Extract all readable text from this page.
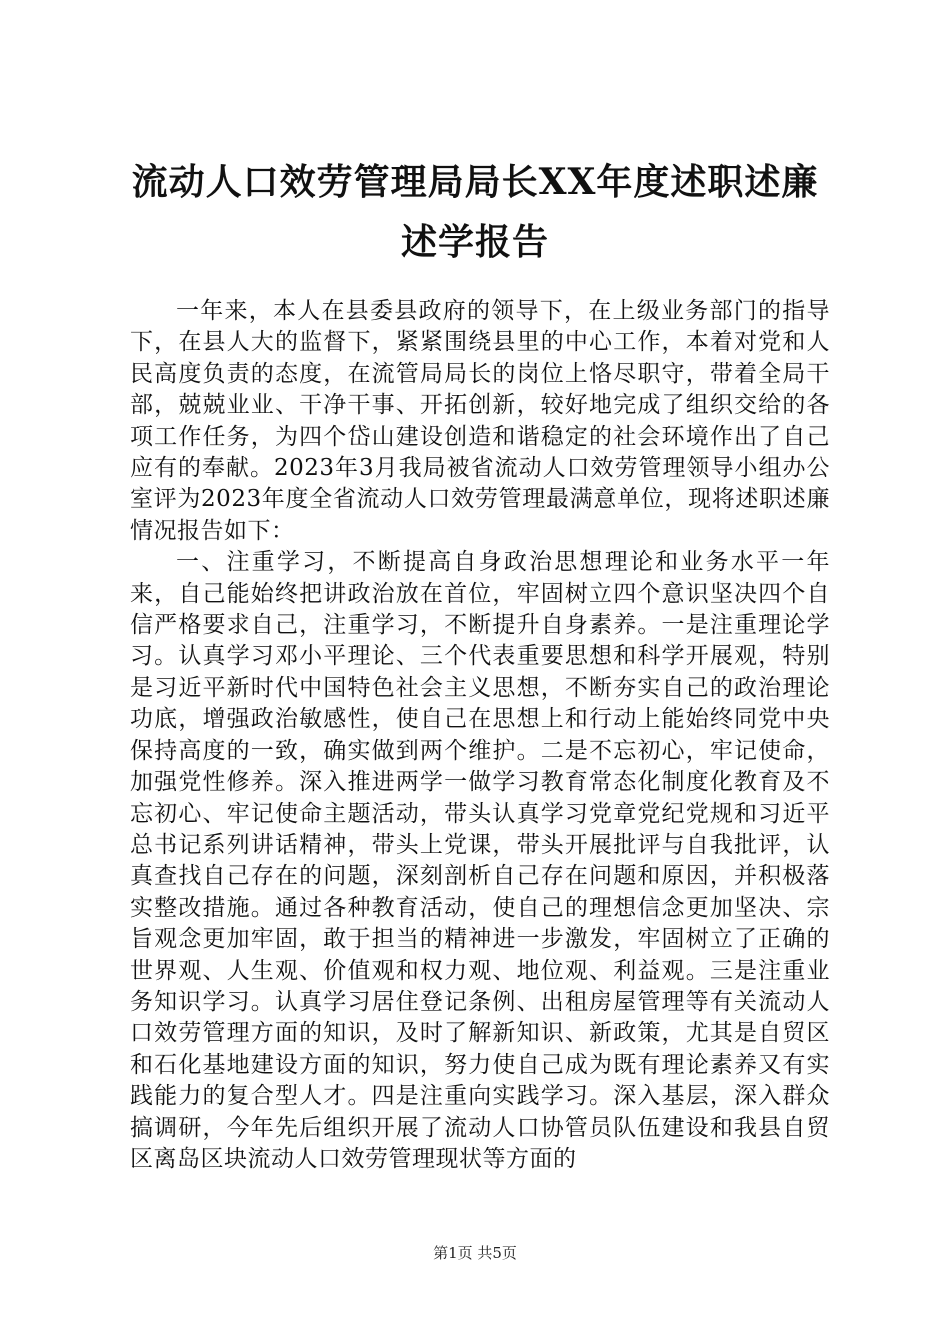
流动人口效劳管理局局长XX年度述职述廉述学报告

一年来，本人在县委县政府的领导下，在上级业务部门的指导下，在县人大的监督下，紧紧围绕县里的中心工作，本着对党和人民高度负责的态度，在流管局局长的岗位上恪尽职守，带着全局干部，兢兢业业、干净干事、开拓创新，较好地完成了组织交给的各项工作任务，为四个岱山建设创造和谐稳定的社会环境作出了自己应有的奉献。2023年3月我局被省流动人口效劳管理领导小组办公室评为2023年度全省流动人口效劳管理最满意单位，现将述职述廉情况报告如下：

一、注重学习，不断提高自身政治思想理论和业务水平一年来，自己能始终把讲政治放在首位，牢固树立四个意识坚决四个自信严格要求自己，注重学习，不断提升自身素养。一是注重理论学习。认真学习邓小平理论、三个代表重要思想和科学开展观，特别是习近平新时代中国特色社会主义思想，不断夯实自己的政治理论功底，增强政治敏感性，使自己在思想上和行动上能始终同党中央保持高度的一致，确实做到两个维护。二是不忘初心，牢记使命，加强党性修养。深入推进两学一做学习教育常态化制度化教育及不忘初心、牢记使命主题活动，带头认真学习党章党纪党规和习近平总书记系列讲话精神，带头上党课，带头开展批评与自我批评，认真查找自己存在的问题，深刻剖析自己存在问题和原因，并积极落实整改措施。通过各种教育活动，使自己的理想信念更加坚决、宗旨观念更加牢固，敢于担当的精神进一步激发，牢固树立了正确的世界观、人生观、价值观和权力观、地位观、利益观。三是注重业务知识学习。认真学习居住登记条例、出租房屋管理等有关流动人口效劳管理方面的知识，及时了解新知识、新政策，尤其是自贸区和石化基地建设方面的知识，努力使自己成为既有理论素养又有实践能力的复合型人才。四是注重向实践学习。深入基层，深入群众搞调研，今年先后组织开展了流动人口协管员队伍建设和我县自贸区离岛区块流动人口效劳管理现状等方面的

第1页 共5页
